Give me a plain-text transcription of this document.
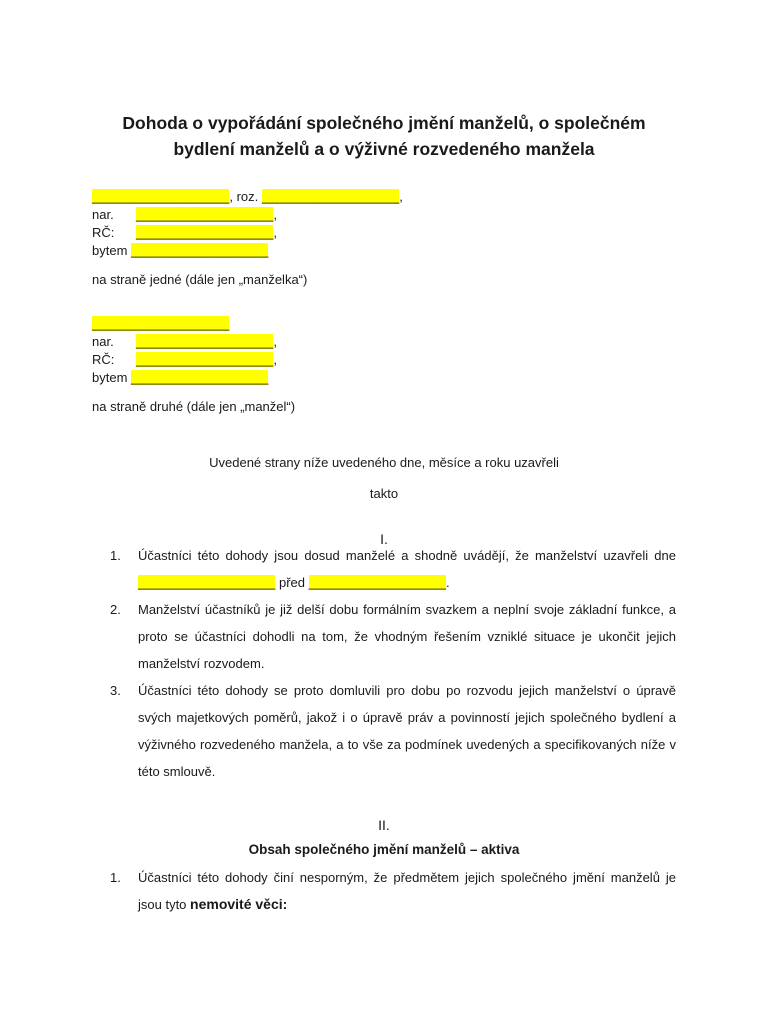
Dohoda o vypořádání společného jmění manželů, o společném
bydlení manželů a o výživné rozvedeného manžela
___________________, roz. ___________________,
nar. ___________________,
RČ: ___________________,
bytem ___________________
na straně jedné (dále jen „manželka“)
___________________
nar. ___________________,
RČ: ___________________,
bytem ___________________
na straně druhé (dále jen „manžel“)
Uvedené strany níže uvedeného dne, měsíce a roku uzavřeli
takto
I.
1. Účastníci této dohody jsou dosud manželé a shodně uvádějí, že manželství uzavřeli dne ___________________ před ___________________.
2. Manželství účastníků je již delší dobu formálním svazkem a neplní svoje základní funkce, a proto se účastníci dohodli na tom, že vhodným řešením vzniklé situace je ukončit jejich manželství rozvodem.
3. Účastníci této dohody se proto domluvili pro dobu po rozvodu jejich manželství o úpravě svých majetkových poměrů, jakož i o úpravě práv a povinností jejich společného bydlení a výživného rozvedeného manžela, a to vše za podmínek uvedených a specifikovaných níže v této smlouvě.
II.
Obsah společného jmění manželů – aktiva
1. Účastníci této dohody činí nesporným, že předmětem jejich společného jmění manželů je jsou tyto nemovité věci:
